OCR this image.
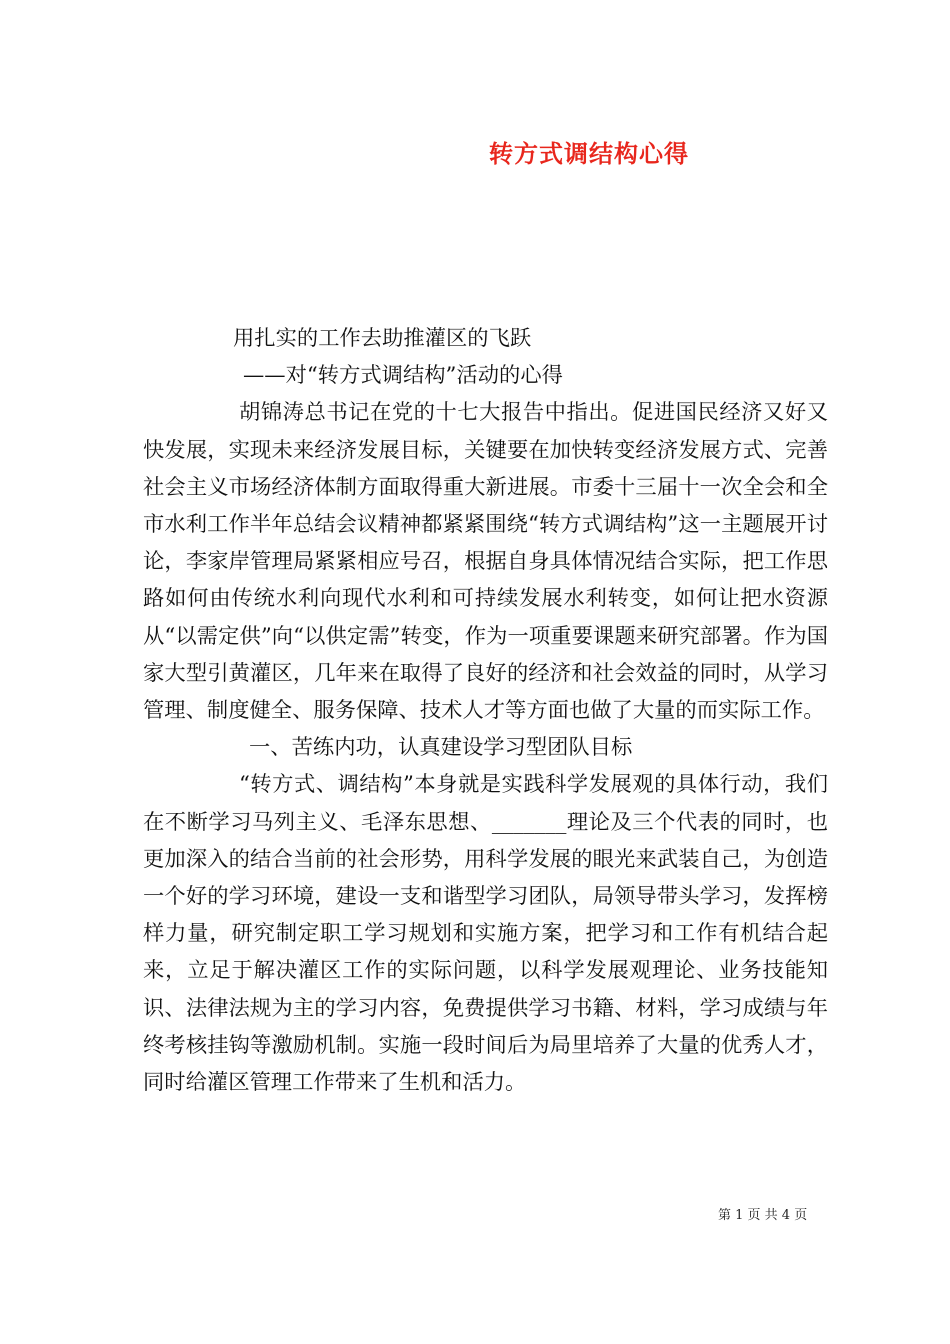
转方式调结构心得
用扎实的工作去助推灌区的飞跃
——对“转方式调结构”活动的心得
胡锦涛总书记在党的十七大报告中指出。促进国民经济又好又快发展，实现未来经济发展目标，关键要在加快转变经济发展方式、完善社会主义市场经济体制方面取得重大新进展。市委十三届十一次全会和全市水利工作半年总结会议精神都紧紧围绕“转方式调结构”这一主题展开讨论，李家岸管理局紧紧相应号召，根据自身具体情况结合实际，把工作思路如何由传统水利向现代水利和可持续发展水利转变，如何让把水资源从“以需定供”向“以供定需”转变，作为一项重要课题来研究部署。作为国家大型引黄灌区，几年来在取得了良好的经济和社会效益的同时，从学习管理、制度健全、服务保障、技术人才等方面也做了大量的而实际工作。
一、苦练内功，认真建设学习型团队目标
“转方式、调结构”本身就是实践科学发展观的具体行动，我们在不断学习马列主义、毛泽东思想、_______理论及三个代表的同时，也更加深入的结合当前的社会形势，用科学发展的眼光来武装自己，为创造一个好的学习环境，建设一支和谐型学习团队，局领导带头学习，发挥榜样力量，研究制定职工学习规划和实施方案，把学习和工作有机结合起来，立足于解决灌区工作的实际问题，以科学发展观理论、业务技能知识、法律法规为主的学习内容，免费提供学习书籍、材料，学习成绩与年终考核挂钩等激励机制。实施一段时间后为局里培养了大量的优秀人才，同时给灌区管理工作带来了生机和活力。
第 1 页 共 4 页
